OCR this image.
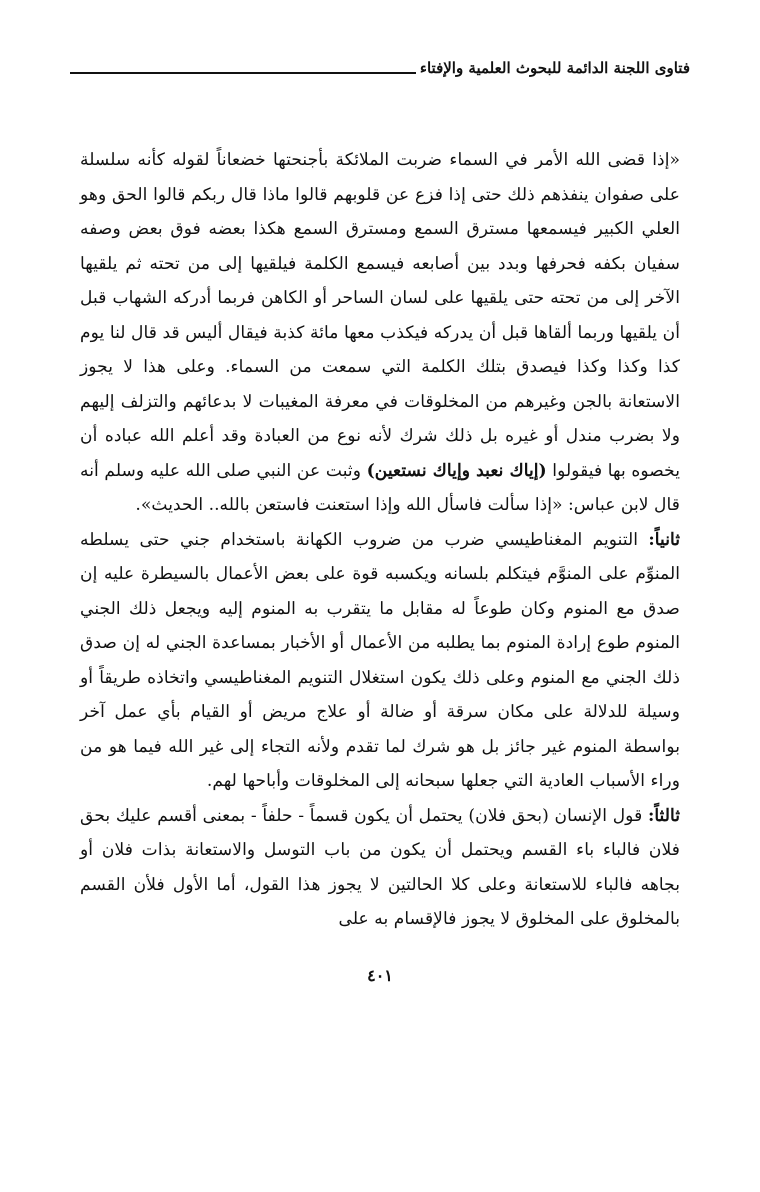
فتاوى اللجنة الدائمة للبحوث العلمية والإفتاء

«إذا قضى الله الأمر في السماء ضربت الملائكة بأجنحتها خضعاناً لقوله كأنه سلسلة على صفوان ينفذهم ذلك حتى إذا فزع عن قلوبهم قالوا ماذا قال ربكم قالوا الحق وهو العلي الكبير فيسمعها مسترق السمع ومسترق السمع هكذا بعضه فوق بعض وصفه سفيان بكفه فحرفها وبدد بين أصابعه فيسمع الكلمة فيلقيها إلى من تحته ثم يلقيها الآخر إلى من تحته حتى يلقيها على لسان الساحر أو الكاهن فربما أدركه الشهاب قبل أن يلقيها وربما ألقاها قبل أن يدركه فيكذب معها مائة كذبة فيقال أليس قد قال لنا يوم كذا وكذا وكذا فيصدق بتلك الكلمة التي سمعت من السماء. وعلى هذا لا يجوز الاستعانة بالجن وغيرهم من المخلوقات في معرفة المغيبات لا بدعائهم والتزلف إليهم ولا بضرب مندل أو غيره بل ذلك شرك لأنه نوع من العبادة وقد أعلم الله عباده أن يخصوه بها فيقولوا (إياك نعبد وإياك نستعين) وثبت عن النبي صلى الله عليه وسلم أنه قال لابن عباس: «إذا سألت فاسأل الله وإذا استعنت فاستعن بالله.. الحديث».

ثانياً: التنويم المغناطيسي ضرب من ضروب الكهانة باستخدام جني حتى يسلطه المنوِّم على المنوَّم فيتكلم بلسانه ويكسبه قوة على بعض الأعمال بالسيطرة عليه إن صدق مع المنوم وكان طوعاً له مقابل ما يتقرب به المنوم إليه ويجعل ذلك الجني المنوم طوع إرادة المنوم بما يطلبه من الأعمال أو الأخبار بمساعدة الجني له إن صدق ذلك الجني مع المنوم وعلى ذلك يكون استغلال التنويم المغناطيسي واتخاذه طريقاً أو وسيلة للدلالة على مكان سرقة أو ضالة أو علاج مريض أو القيام بأي عمل آخر بواسطة المنوم غير جائز بل هو شرك لما تقدم ولأنه التجاء إلى غير الله فيما هو من وراء الأسباب العادية التي جعلها سبحانه إلى المخلوقات وأباحها لهم.

ثالثاً: قول الإنسان (بحق فلان) يحتمل أن يكون قسماً - حلفاً - بمعنى أقسم عليك بحق فلان فالباء باء القسم ويحتمل أن يكون من باب التوسل والاستعانة بذات فلان أو بجاهه فالباء للاستعانة وعلى كلا الحالتين لا يجوز هذا القول، أما الأول فلأن القسم بالمخلوق على المخلوق لا يجوز فالإقسام به على

٤٠١
